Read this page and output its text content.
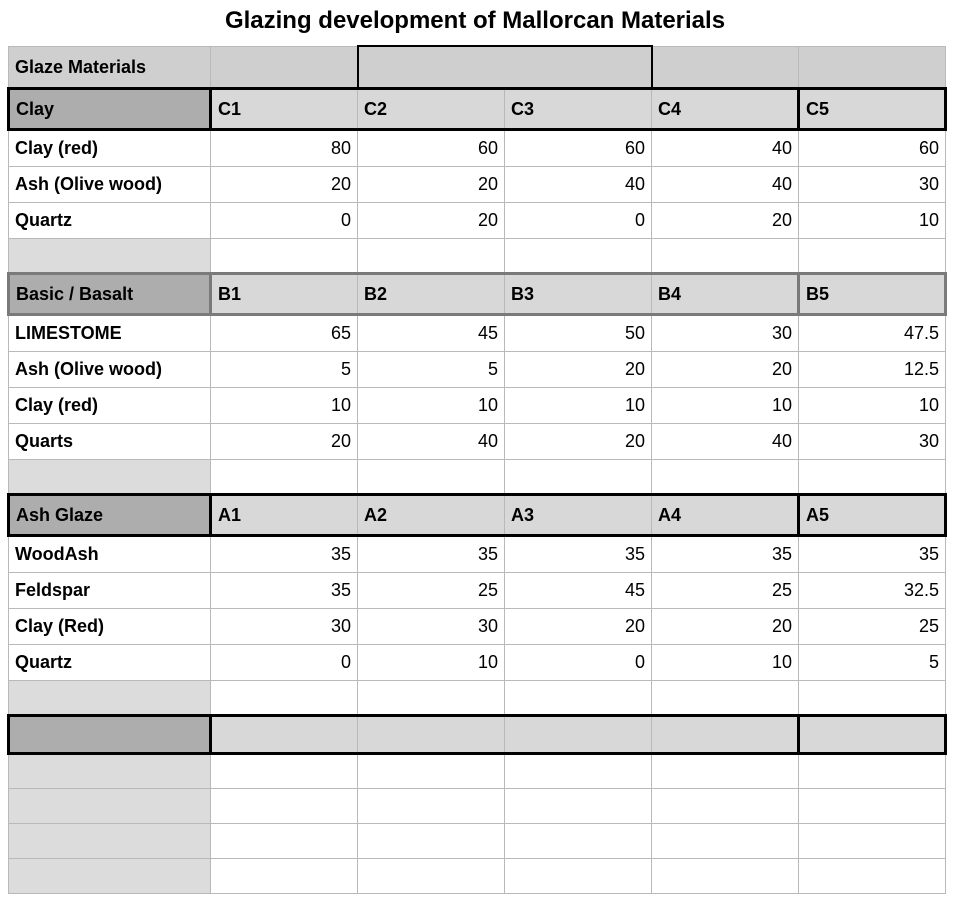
Glazing development of Mallorcan Materials
Glaze Materials					
Clay	C1	C2	C3	C4	C5
Clay (red)	80	60	60	40	60
Ash (Olive wood)	20	20	40	40	30
Quartz	0	20	0	20	10

Basic / Basalt	B1	B2	B3	B4	B5
LIMESTOME	65	45	50	30	47.5
Ash (Olive wood)	5	5	20	20	12.5
Clay (red)	10	10	10	10	10
Quarts	20	40	20	40	30

Ash Glaze	A1	A2	A3	A4	A5
WoodAsh	35	35	35	35	35
Feldspar	35	25	45	25	32.5
Clay (Red)	30	30	20	20	25
Quartz	0	10	0	10	5
